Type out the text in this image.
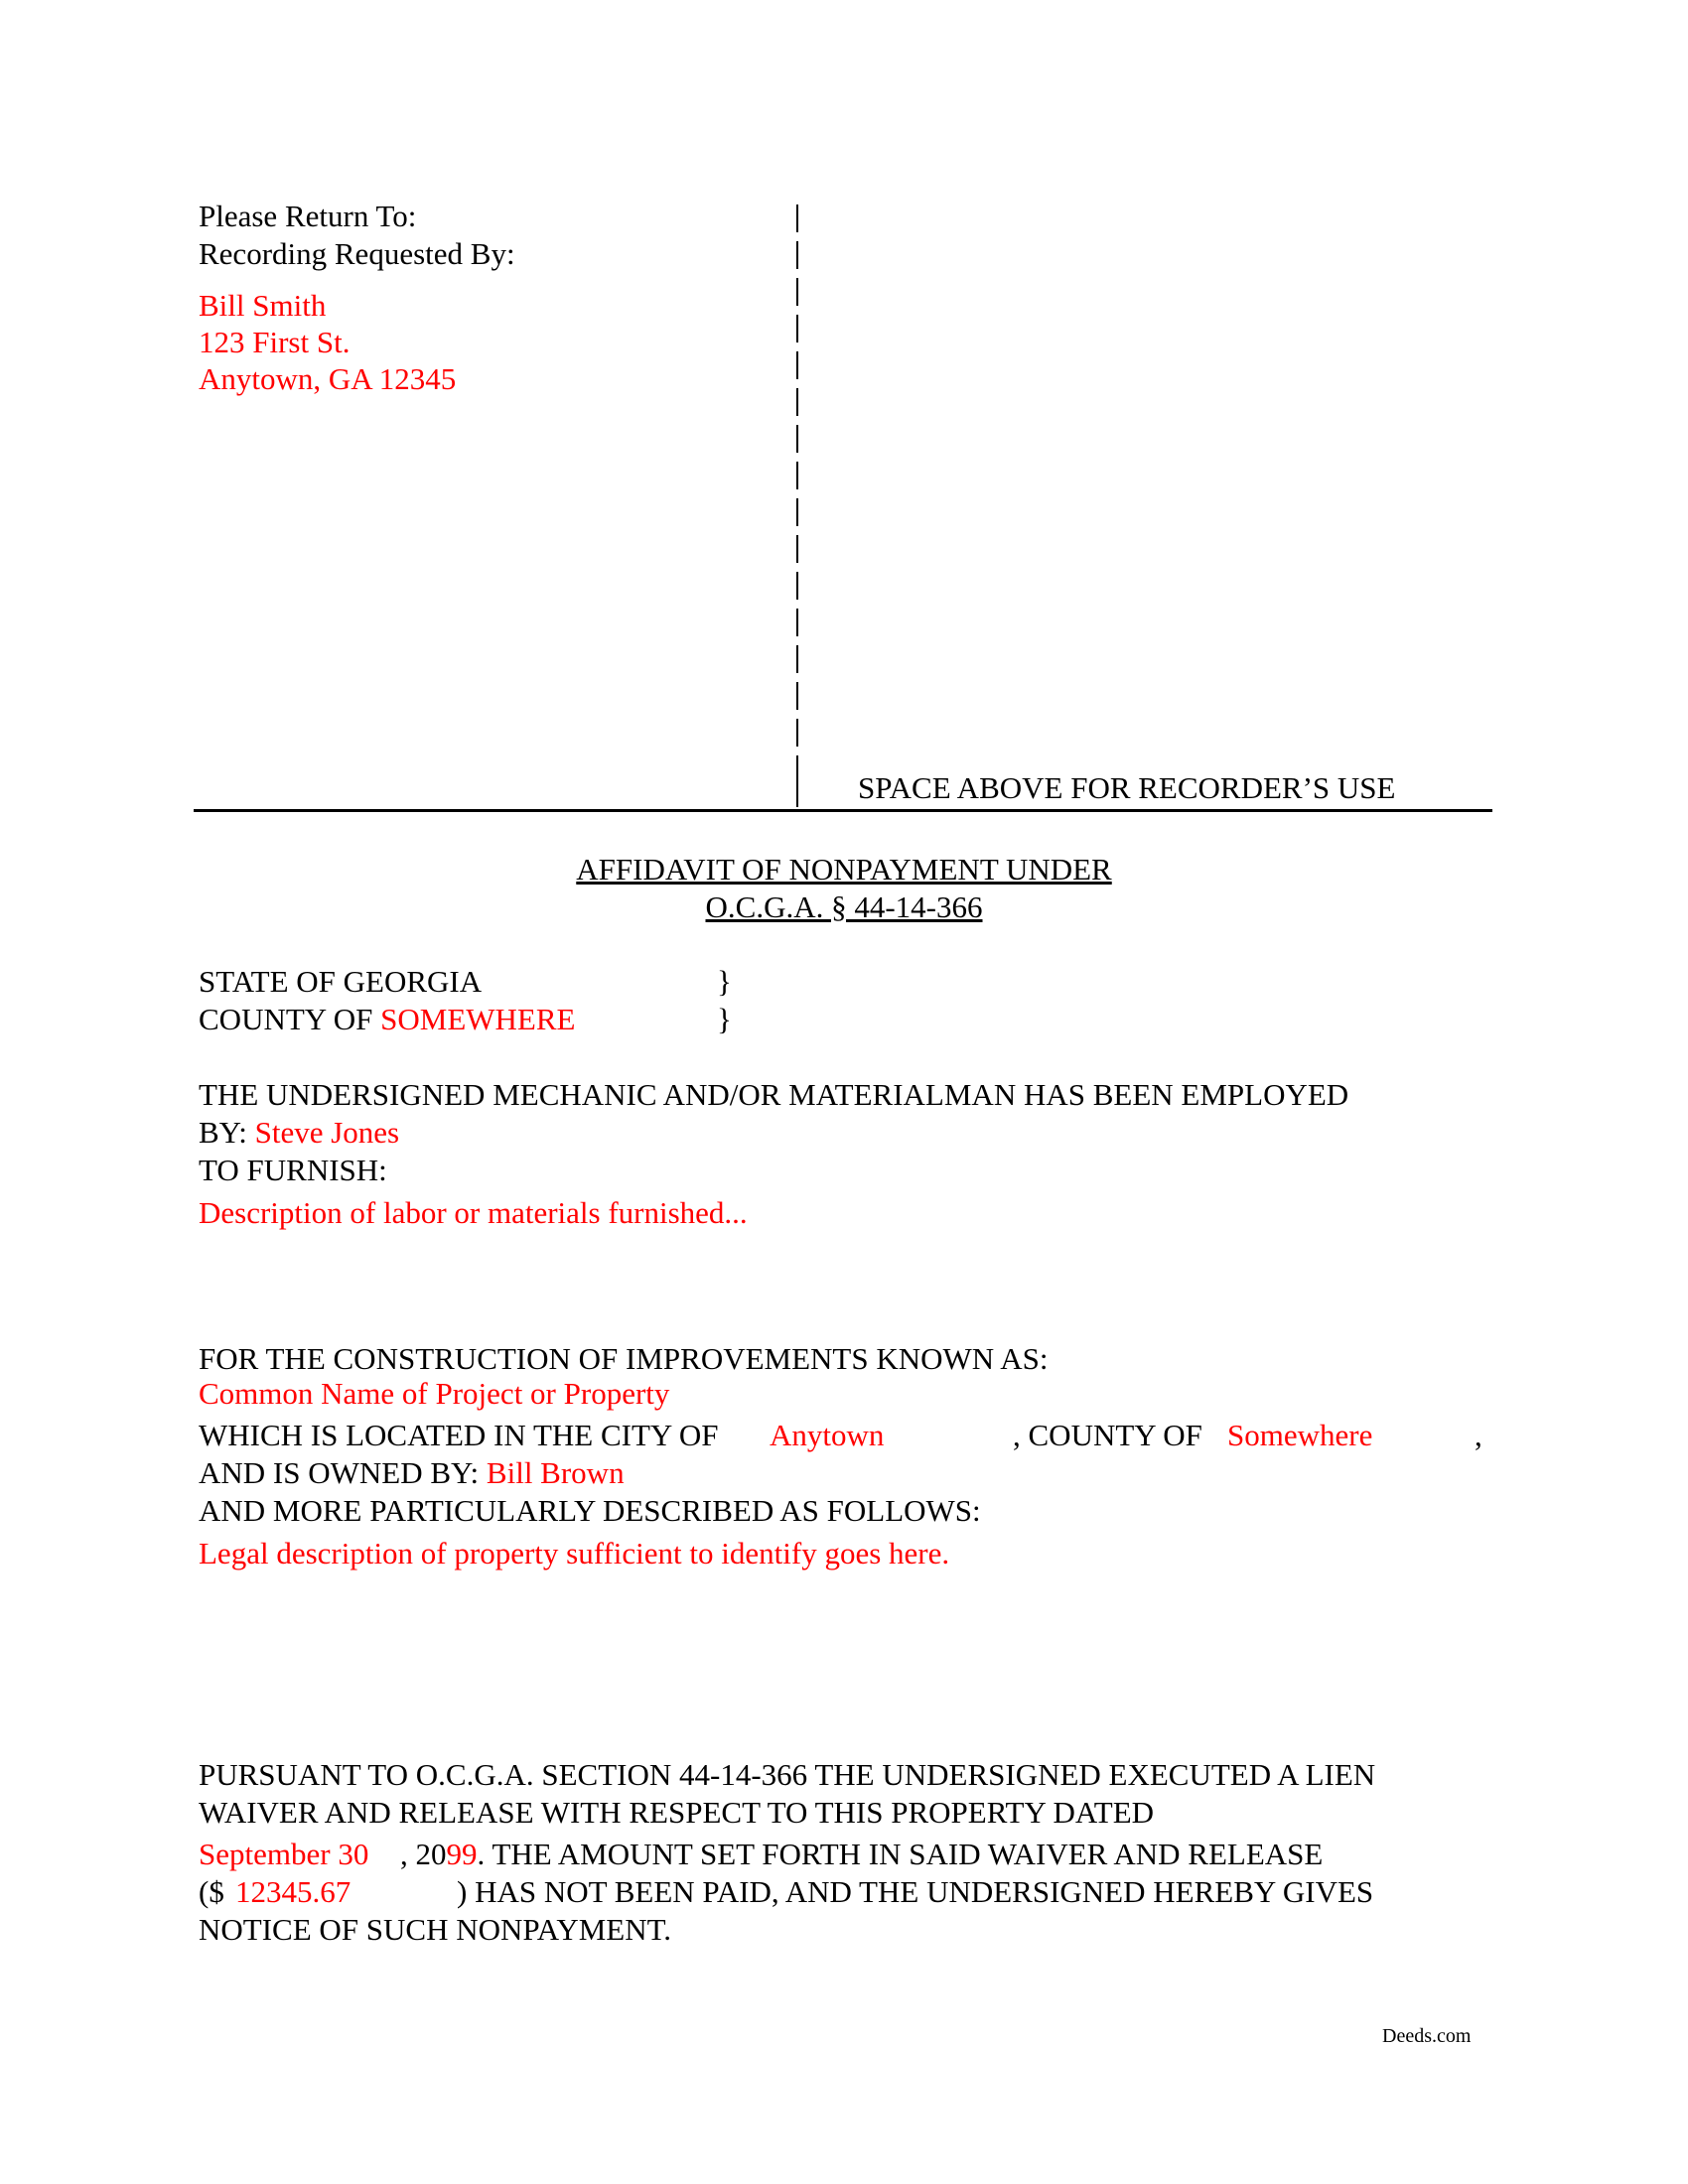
Please Return To:
Recording Requested By:
Bill Smith
123 First St.
Anytown, GA 12345
SPACE ABOVE FOR RECORDER’S USE
AFFIDAVIT OF NONPAYMENT UNDER
O.C.G.A. § 44-14-366
STATE OF GEORGIA	}
COUNTY OF SOMEWHERE	}
THE UNDERSIGNED MECHANIC AND/OR MATERIALMAN HAS BEEN EMPLOYED
BY: Steve Jones
TO FURNISH:
Description of labor or materials furnished...
FOR THE CONSTRUCTION OF IMPROVEMENTS KNOWN AS:
Common Name of Project or Property
WHICH IS LOCATED IN THE CITY OF Anytown	, COUNTY OF Somewhere	,
AND IS OWNED BY: Bill Brown
AND MORE PARTICULARLY DESCRIBED AS FOLLOWS:
Legal description of property sufficient to identify goes here.
PURSUANT TO O.C.G.A. SECTION 44-14-366 THE UNDERSIGNED EXECUTED A LIEN
WAIVER AND RELEASE WITH RESPECT TO THIS PROPERTY DATED
September 30 , 2099. THE AMOUNT SET FORTH IN SAID WAIVER AND RELEASE
($ 12345.67	) HAS NOT BEEN PAID, AND THE UNDERSIGNED HEREBY GIVES
NOTICE OF SUCH NONPAYMENT.
Deeds.com
